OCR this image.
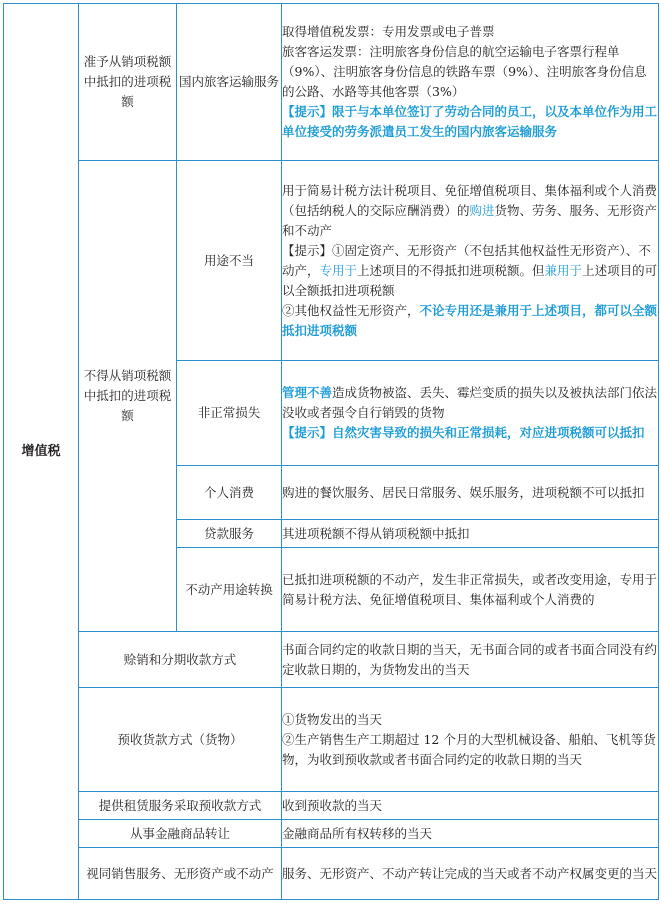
增值税	准予从销项税额中抵扣的进项税额	国内旅客运输服务	取得增值税发票：专用发票或电子普票

旅客客运发票：注明旅客身份信息的航空运输电子客票行程单（9%）、注明旅客身份信息的铁路车票（9%）、注明旅客身份信息的公路、水路等其他客票（3%）

【提示】限于与本单位签订了劳动合同的员工，以及本单位作为用工单位接受的劳务派遣员工发生的国内旅客运输服务

	不得从销项税额中抵扣的进项税额	用途不当	用于简易计税方法计税项目、免征增值税项目、集体福利或个人消费（包括纳税人的交际应酬消费）的购进货物、劳务、服务、无形资产和不动产

【提示】①固定资产、无形资产（不包括其他权益性无形资产）、不动产，专用于上述项目的不得抵扣进项税额。但兼用于上述项目的可以全额抵扣进项税额

②其他权益性无形资产，不论专用还是兼用于上述项目，都可以全额抵扣进项税额

		非正常损失	管理不善造成货物被盗、丢失、霉烂变质的损失以及被执法部门依法没收或者强令自行销毁的货物

【提示】自然灾害导致的损失和正常损耗，对应进项税额可以抵扣

		个人消费	购进的餐饮服务、居民日常服务、娱乐服务，进项税额不可以抵扣
		贷款服务	其进项税额不得从销项税额中抵扣
		不动产用途转换	已抵扣进项税额的不动产，发生非正常损失，或者改变用途，专用于简易计税方法、免征增值税项目、集体福利或个人消费的
	赊销和分期收款方式		书面合同约定的收款日期的当天，无书面合同的或者书面合同没有约定收款日期的，为货物发出的当天
	预收货款方式（货物）		①货物发出的当天

②生产销售生产工期超过 12 个月的大型机械设备、船舶、飞机等货物，为收到预收款或者书面合同约定的收款日期的当天

	提供租赁服务采取预收款方式		收到预收款的当天
	从事金融商品转让		金融商品所有权转移的当天
	视同销售服务、无形资产或不动产		服务、无形资产、不动产转让完成的当天或者不动产权属变更的当天
